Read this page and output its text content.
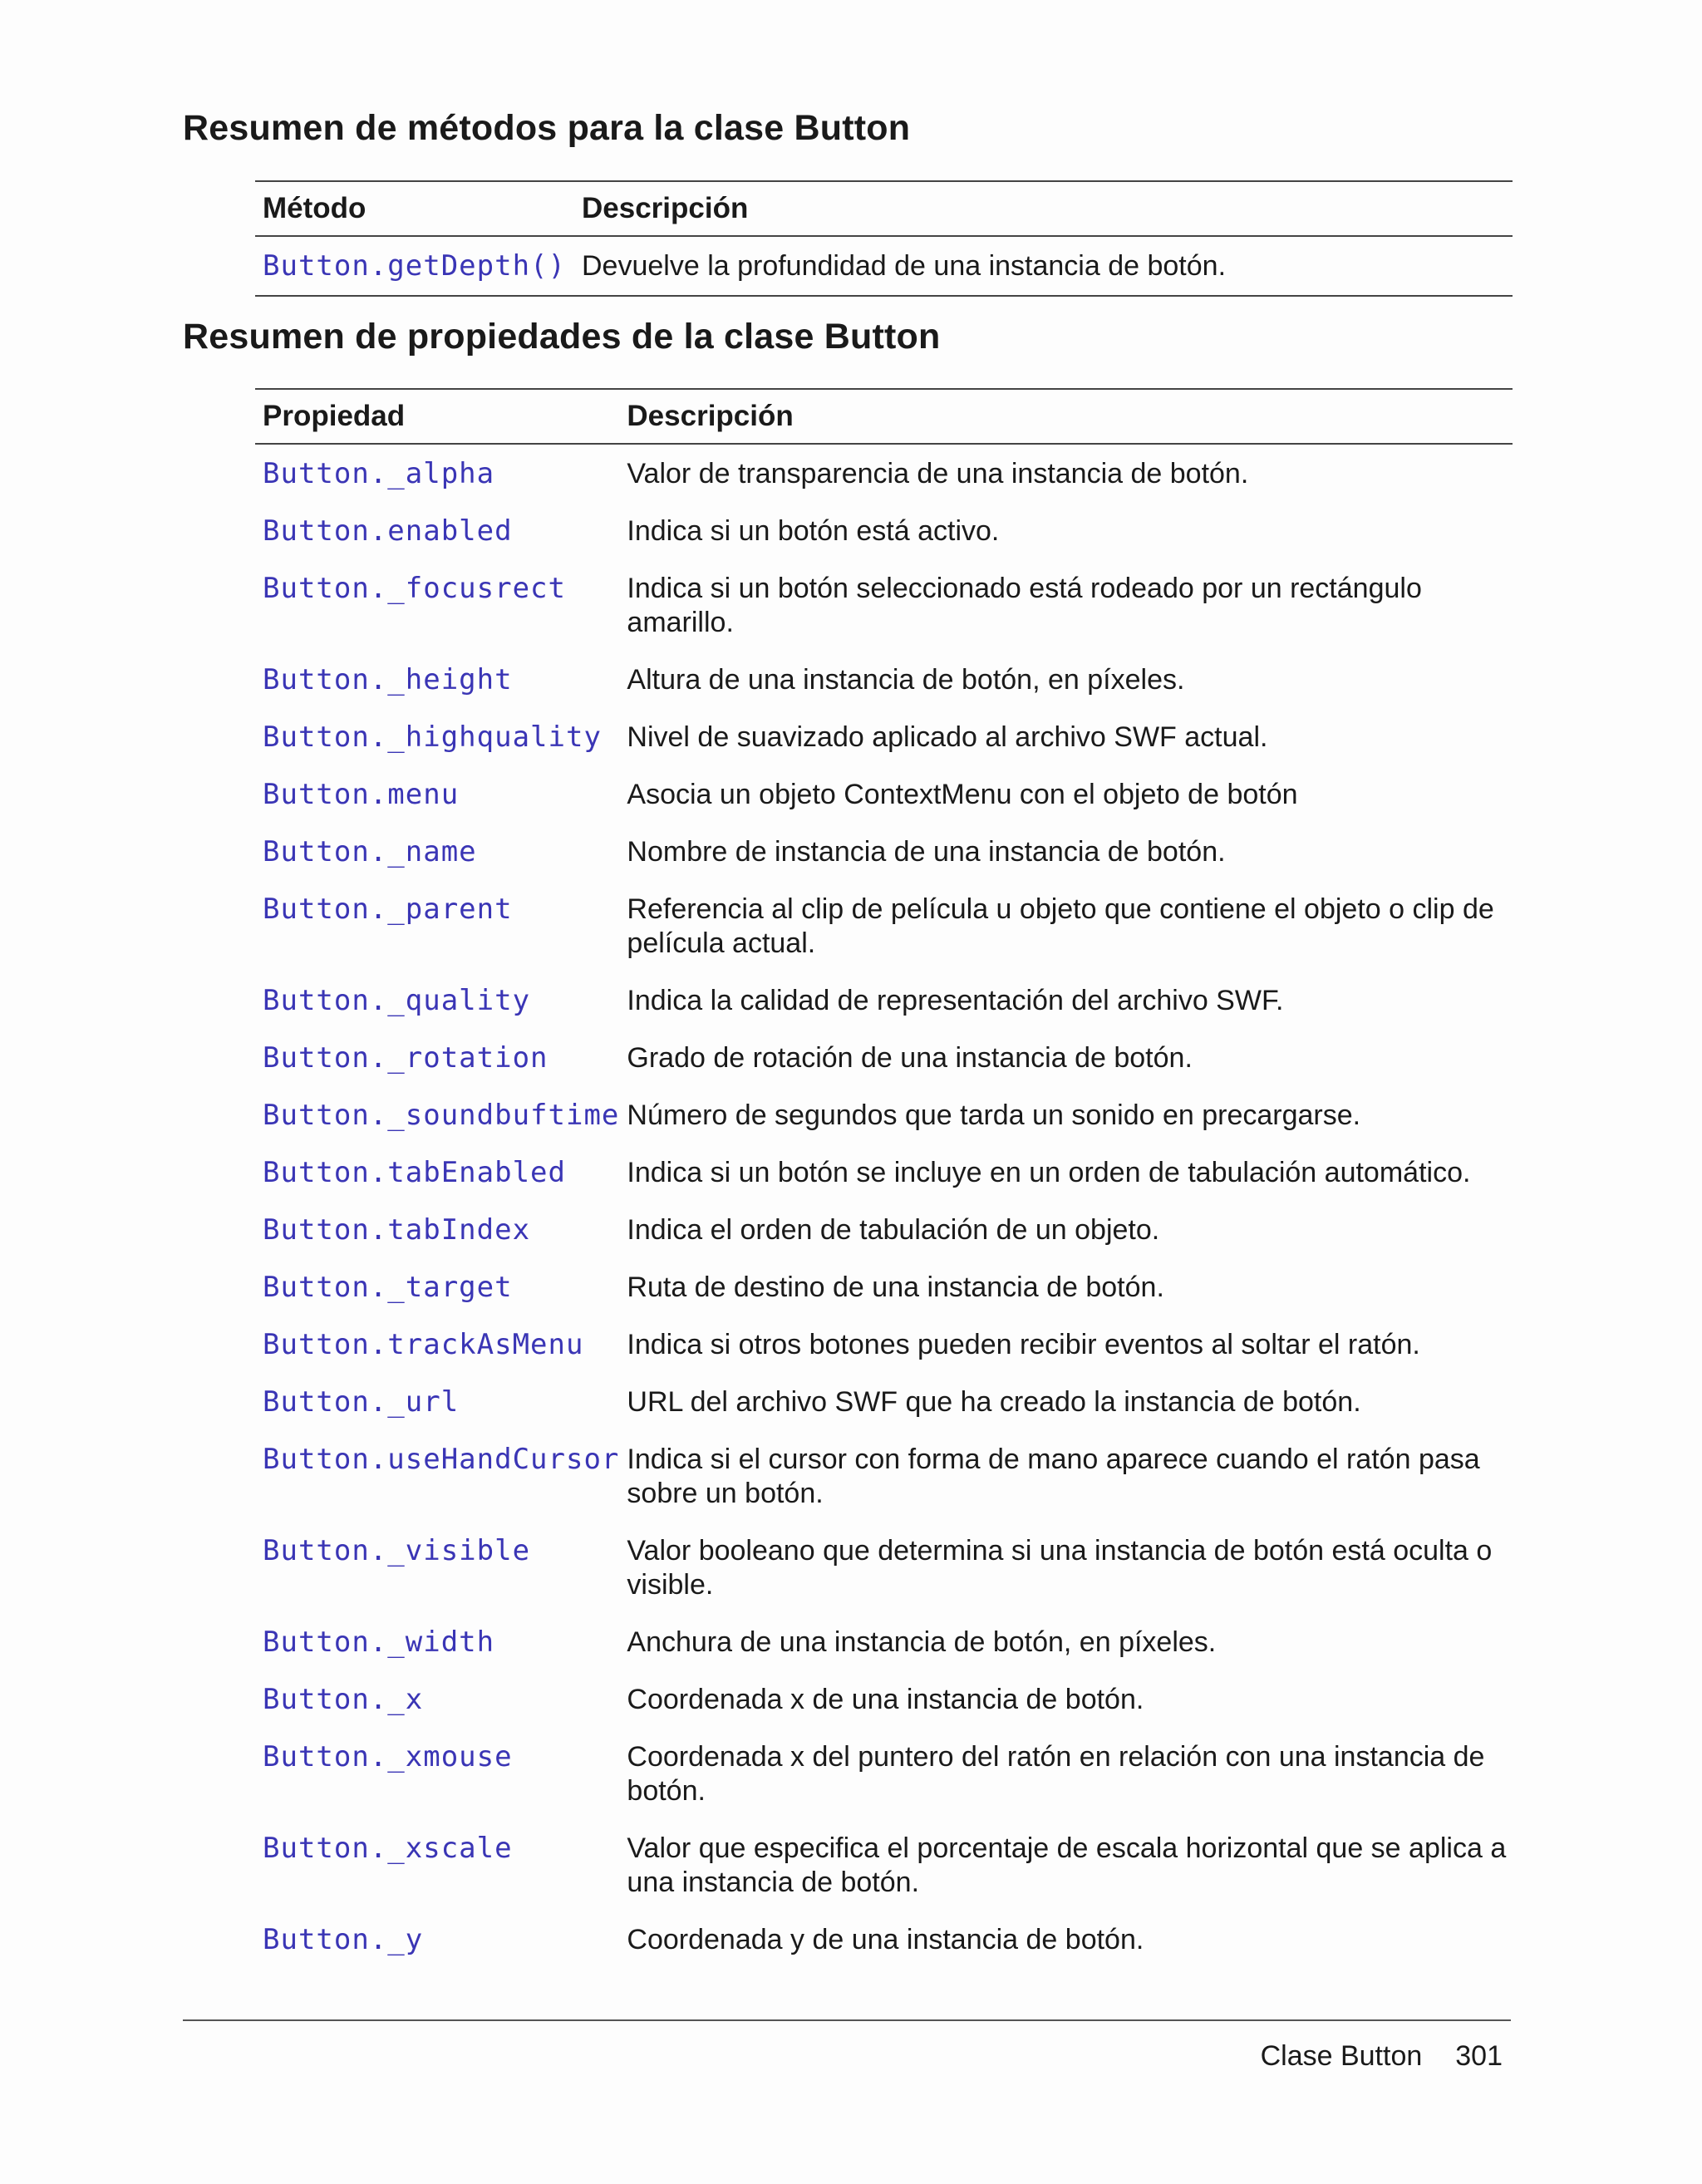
Resumen de métodos para la clase Button
Método	Descripción
Button.getDepth()	Devuelve la profundidad de una instancia de botón.
Resumen de propiedades de la clase Button
Propiedad	Descripción
Button._alpha	Valor de transparencia de una instancia de botón.
Button.enabled	Indica si un botón está activo.
Button._focusrect	Indica si un botón seleccionado está rodeado por un rectángulo amarillo.
Button._height	Altura de una instancia de botón, en píxeles.
Button._highquality	Nivel de suavizado aplicado al archivo SWF actual.
Button.menu	Asocia un objeto ContextMenu con el objeto de botón
Button._name	Nombre de instancia de una instancia de botón.
Button._parent	Referencia al clip de película u objeto que contiene el objeto o clip de película actual.
Button._quality	Indica la calidad de representación del archivo SWF.
Button._rotation	Grado de rotación de una instancia de botón.
Button._soundbuftime	Número de segundos que tarda un sonido en precargarse.
Button.tabEnabled	Indica si un botón se incluye en un orden de tabulación automático.
Button.tabIndex	Indica el orden de tabulación de un objeto.
Button._target	Ruta de destino de una instancia de botón.
Button.trackAsMenu	Indica si otros botones pueden recibir eventos al soltar el ratón.
Button._url	URL del archivo SWF que ha creado la instancia de botón.
Button.useHandCursor	Indica si el cursor con forma de mano aparece cuando el ratón pasa sobre un botón.
Button._visible	Valor booleano que determina si una instancia de botón está oculta o visible.
Button._width	Anchura de una instancia de botón, en píxeles.
Button._x	Coordenada x de una instancia de botón.
Button._xmouse	Coordenada x del puntero del ratón en relación con una instancia de botón.
Button._xscale	Valor que especifica el porcentaje de escala horizontal que se aplica a una instancia de botón.
Button._y	Coordenada y de una instancia de botón.
Clase Button 301
